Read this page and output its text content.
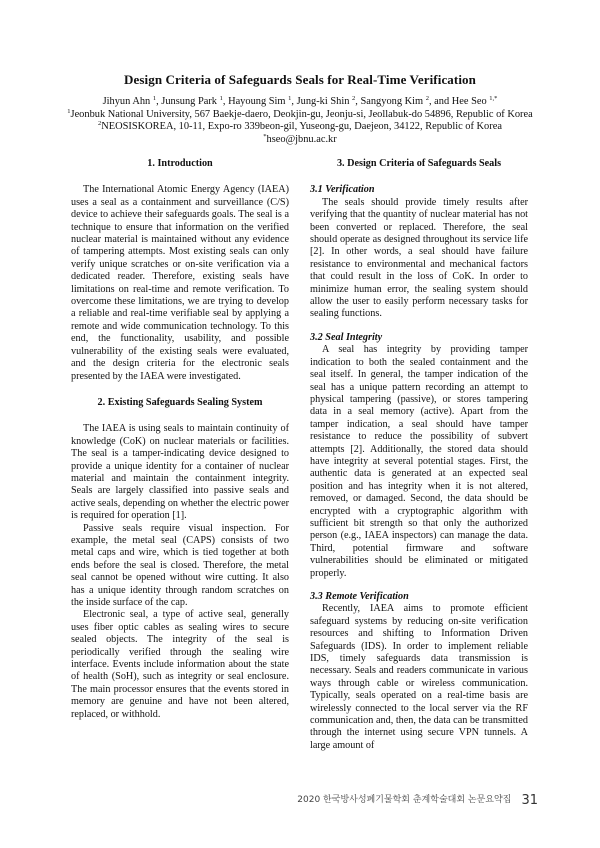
Design Criteria of Safeguards Seals for Real-Time Verification
Jihyun Ahn $^1$, Junsung Park $^1$, Hayoung Sim $^1$, Jung-ki Shin $^2$, Sangyong Kim $^2$, and Hee Seo $^{1,*}$
$^1$Jeonbuk National University, 567 Baekje-daero, Deokjin-gu, Jeonju-si, Jeollabuk-do 54896, Republic of Korea
$^2$NEOSISKOREA, 10-11, Expo-ro 339beon-gil, Yuseong-gu, Daejeon, 34122, Republic of Korea
*hseo@jbnu.ac.kr
1. Introduction

The International Atomic Energy Agency (IAEA) uses a seal as a containment and surveillance (C/S) device to achieve their safeguards goals. The seal is a technique to ensure that information on the verified nuclear material is maintained without any evidence of tampering attempts. Most existing seals can only verify unique scratches or on-site verification via a dedicated reader. Therefore, existing seals have limitations on real-time and remote verification. To overcome these limitations, we are trying to develop a reliable and real-time verifiable seal by applying a remote and wide communication technology. To this end, the functionality, usability, and possible vulnerability of the existing seals were evaluated, and the design criteria for the electronic seals presented by the IAEA were investigated.

2. Existing Safeguards Sealing System

The IAEA is using seals to maintain continuity of knowledge (CoK) on nuclear materials or facilities. The seal is a tamper-indicating device designed to provide a unique identity for a container of nuclear material and maintain the containment integrity. Seals are largely classified into passive seals and active seals, depending on whether the electric power is required for operation [1].

Passive seals require visual inspection. For example, the metal seal (CAPS) consists of two metal caps and wire, which is tied together at both ends before the seal is closed. Therefore, the metal seal cannot be opened without wire cutting. It also has a unique identity through random scratches on the inside surface of the cap.

Electronic seal, a type of active seal, generally uses fiber optic cables as sealing wires to secure sealed objects. The integrity of the seal is periodically verified through the sealing wire interface. Events include information about the state of health (SoH), such as integrity or seal enclosure. The main processor ensures that the events stored in memory are genuine and have not been altered, replaced, or withhold.

3. Design Criteria of Safeguards Seals
3.1 Verification

The seals should provide timely results after verifying that the quantity of nuclear material has not been converted or replaced. Therefore, the seal should operate as designed throughout its service life [2]. In other words, a seal should have failure resistance to environmental and mechanical factors that could result in the loss of CoK. In order to minimize human error, the sealing system should allow the user to easily perform necessary tasks for sealing functions.

3.2 Seal Integrity

A seal has integrity by providing tamper indication to both the sealed containment and the seal itself. In general, the tamper indication of the seal has a unique pattern recording an attempt to physical tampering (passive), or stores tampering data in a seal memory (active). Apart from the tamper indication, a seal should have tamper resistance to reduce the possibility of subvert attempts [2]. Additionally, the stored data should have integrity at several potential stages. First, the authentic data is generated at an expected seal position and has integrity when it is not altered, removed, or damaged. Second, the data should be encrypted with a cryptographic algorithm with sufficient bit strength so that only the authorized person (e.g., IAEA inspectors) can manage the data. Third, potential firmware and software vulnerabilities should be eliminated or mitigated properly.

3.3 Remote Verification

Recently, IAEA aims to promote efficient safeguard systems by reducing on-site verification resources and shifting to Information Driven Safeguards (IDS). In order to implement reliable IDS, timely safeguards data transmission is necessary. Seals and readers communicate in various ways through cable or wireless communication. Typically, seals operated on a real-time basis are wirelessly connected to the local server via the RF communication and, then, the data can be transmitted through the internet using secure VPN tunnels. A large amount of

2020 한국방사성폐기물학회 춘계학술대회 논문요약집 31
